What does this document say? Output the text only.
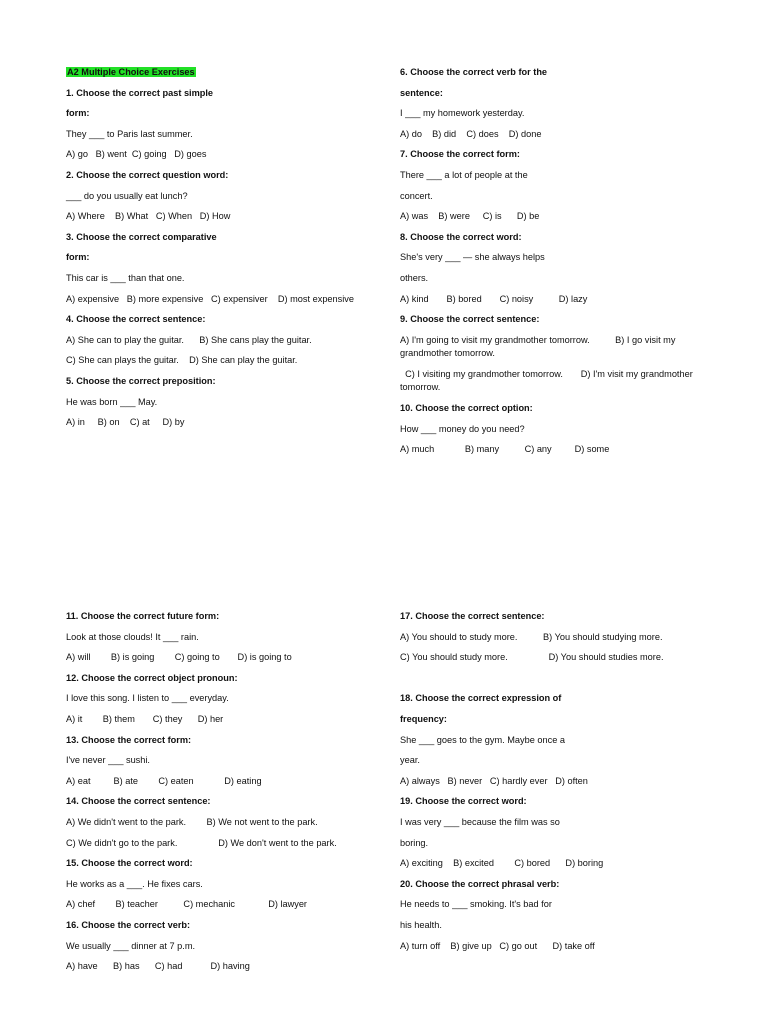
A2 Multiple Choice Exercises
1. Choose the correct past simple
form:
They ___ to Paris last summer.
A) go   B) went  C) going   D) goes
2. Choose the correct question word:
___ do you usually eat lunch?
A) Where    B) What   C) When   D) How
3. Choose the correct comparative
form:
This car is ___ than that one.
A) expensive   B) more expensive   C) expensiver    D) most expensive
4. Choose the correct sentence:
A) She can to play the guitar.      B) She cans play the guitar.
C) She can plays the guitar.    D) She can play the guitar.
5. Choose the correct preposition:
He was born ___ May.
A) in     B) on    C) at     D) by
6. Choose the correct verb for the
sentence:
I ___ my homework yesterday.
A) do    B) did    C) does    D) done
7. Choose the correct form:
There ___ a lot of people at the
concert.
A) was    B) were     C) is      D) be
8. Choose the correct word:
She's very ___ — she always helps
others.
A) kind       B) bored       C) noisy          D) lazy
9. Choose the correct sentence:
A) I'm going to visit my grandmother tomorrow.          B) I go visit my
grandmother tomorrow.
C) I visiting my grandmother tomorrow.       D) I'm visit my grandmother
tomorrow.
10. Choose the correct option:
How ___ money do you need?
A) much            B) many          C) any         D) some
11. Choose the correct future form:
Look at those clouds! It ___ rain.
A) will        B) is going        C) going to       D) is going to
12. Choose the correct object pronoun:
I love this song. I listen to ___ everyday.
A) it        B) them       C) they      D) her
13. Choose the correct form:
I've never ___ sushi.
A) eat         B) ate        C) eaten            D) eating
14. Choose the correct sentence:
A) We didn't went to the park.        B) We not went to the park.
C) We didn't go to the park.                D) We don't went to the park.
15. Choose the correct word:
He works as a ___. He fixes cars.
A) chef        B) teacher          C) mechanic             D) lawyer
16. Choose the correct verb:
We usually ___ dinner at 7 p.m.
A) have      B) has      C) had           D) having
17. Choose the correct sentence:
A) You should to study more.          B) You should studying more.
C) You should study more.                D) You should studies more.
18. Choose the correct expression of
frequency:
She ___ goes to the gym. Maybe once a
year.
A) always   B) never   C) hardly ever   D) often
19. Choose the correct word:
I was very ___ because the film was so
boring.
A) exciting    B) excited        C) bored      D) boring
20. Choose the correct phrasal verb:
He needs to ___ smoking. It's bad for
his health.
A) turn off    B) give up   C) go out      D) take off
